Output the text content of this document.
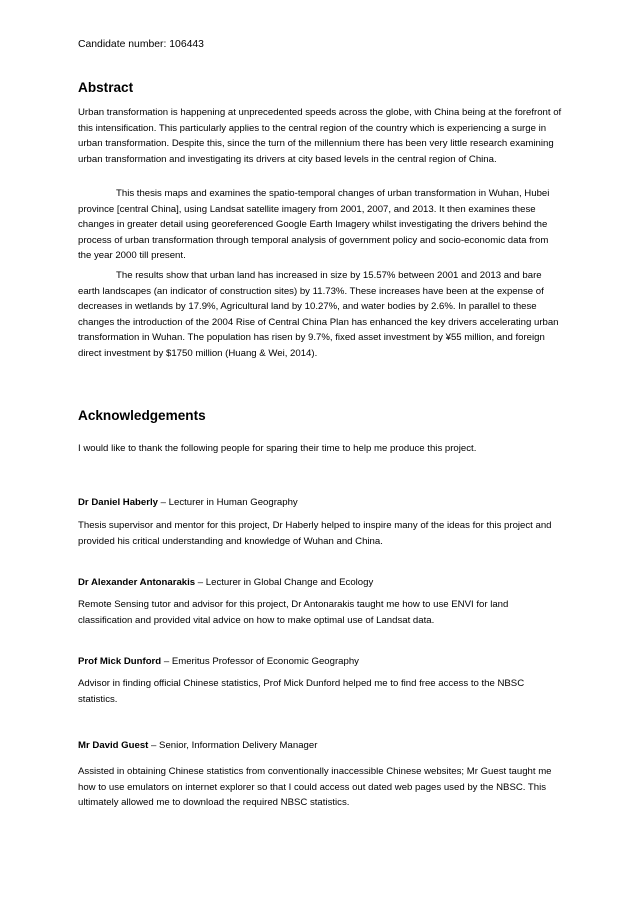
Candidate number: 106443
Abstract

Urban transformation is happening at unprecedented speeds across the globe, with China being at the forefront of this intensification. This particularly applies to the central region of the country which is experiencing a surge in urban transformation. Despite this, since the turn of the millennium there has been very little research examining urban transformation and investigating its drivers at city based levels in the central region of China.

This thesis maps and examines the spatio-temporal changes of urban transformation in Wuhan, Hubei province [central China], using Landsat satellite imagery from 2001, 2007, and 2013. It then examines these changes in greater detail using georeferenced Google Earth Imagery whilst investigating the drivers behind the process of urban transformation through temporal analysis of government policy and socio-economic data from the year 2000 till present.

The results show that urban land has increased in size by 15.57% between 2001 and 2013 and bare earth landscapes (an indicator of construction sites) by 11.73%. These increases have been at the expense of decreases in wetlands by 17.9%, Agricultural land by 10.27%, and water bodies by 2.6%. In parallel to these changes the introduction of the 2004 Rise of Central China Plan has enhanced the key drivers accelerating urban transformation in Wuhan. The population has risen by 9.7%, fixed asset investment by ¥55 million, and foreign direct investment by $1750 million (Huang & Wei, 2014).

Acknowledgements

I would like to thank the following people for sparing their time to help me produce this project.

Dr Daniel Haberly – Lecturer in Human Geography

Thesis supervisor and mentor for this project, Dr Haberly helped to inspire many of the ideas for this project and provided his critical understanding and knowledge of Wuhan and China.

Dr Alexander Antonarakis – Lecturer in Global Change and Ecology

Remote Sensing tutor and advisor for this project, Dr Antonarakis taught me how to use ENVI for land classification and provided vital advice on how to make optimal use of Landsat data.

Prof Mick Dunford – Emeritus Professor of Economic Geography

Advisor in finding official Chinese statistics, Prof Mick Dunford helped me to find free access to the NBSC statistics.

Mr David Guest – Senior, Information Delivery Manager

Assisted in obtaining Chinese statistics from conventionally inaccessible Chinese websites; Mr Guest taught me how to use emulators on internet explorer so that I could access out dated web pages used by the NBSC. This ultimately allowed me to download the required NBSC statistics.
